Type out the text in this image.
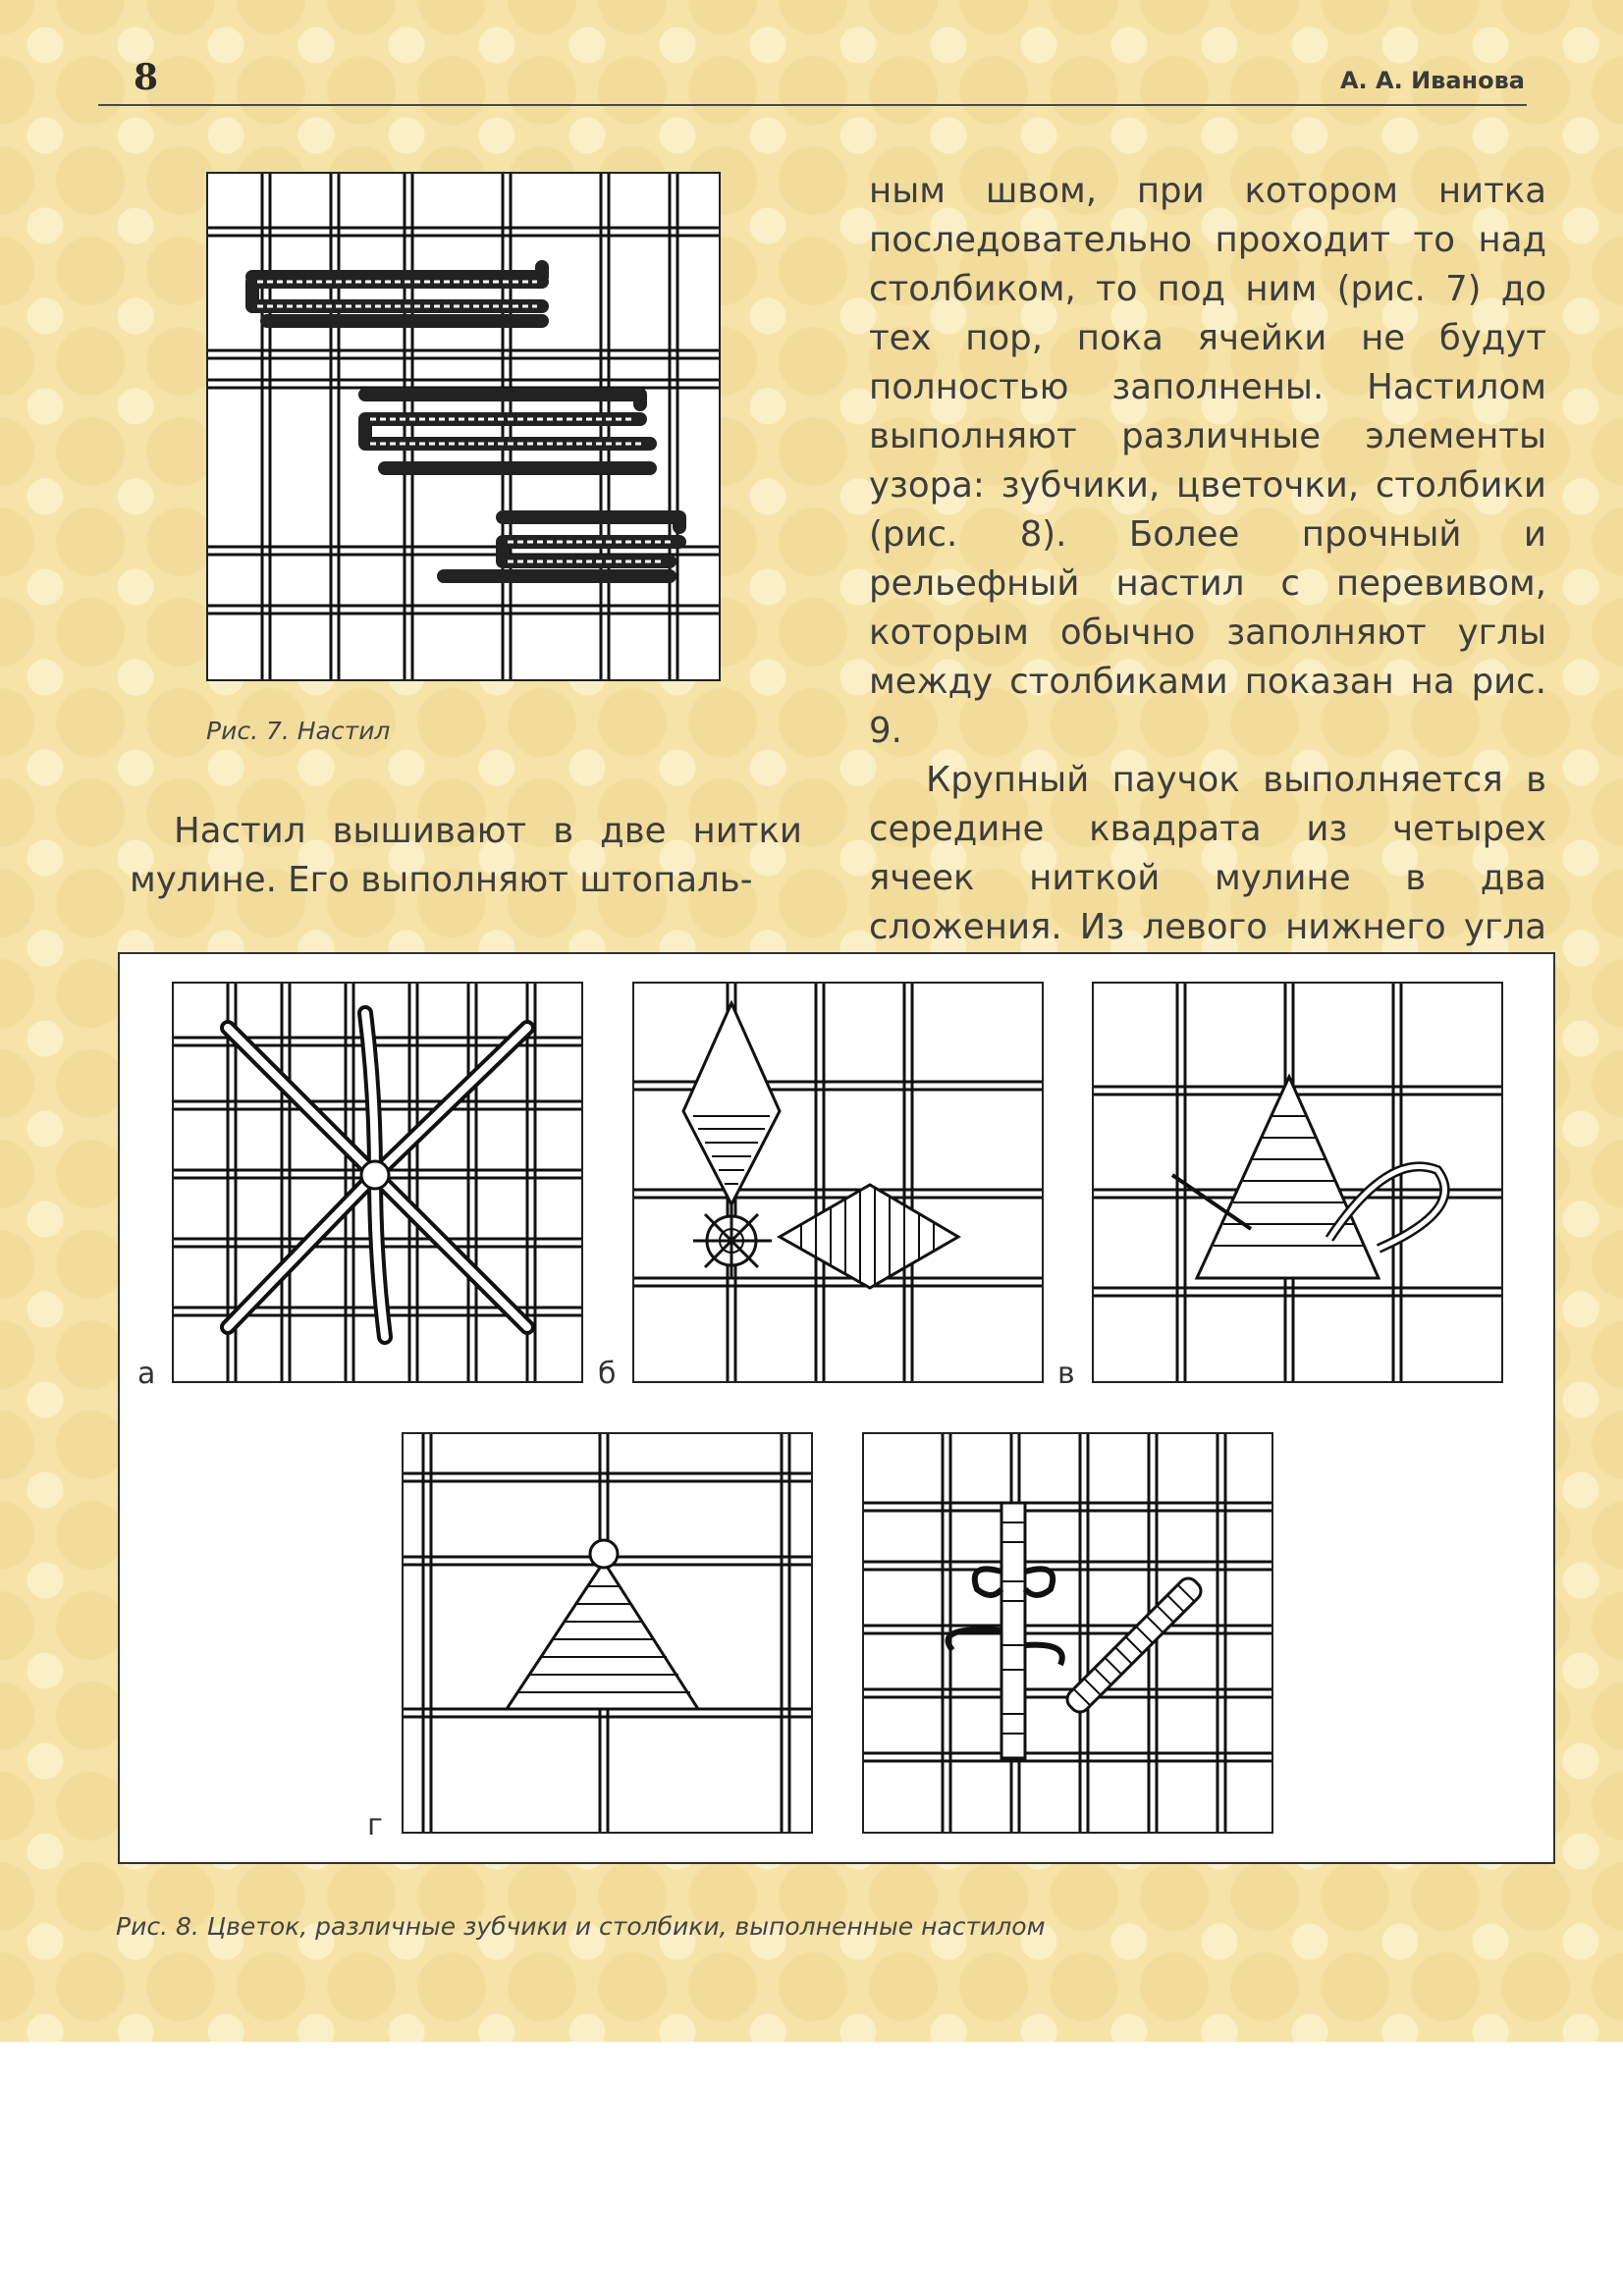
8	А. А. Иванова
Рис. 7. Настил

ным швом, при котором нитка последовательно проходит то над столбиком, то под ним (рис. 7) до тех пор, пока ячейки не будут полностью заполнены. Настилом выполняют различные элементы узора: зубчики, цветочки, столбики (рис. 8). Более прочный и рельефный настил с перевивом, которым обычно заполняют углы между столбиками показан на рис. 9.

Крупный паучок выполняется в середине квадрата из четырех ячеек ниткой мулине в два сложения. Из левого нижнего угла

Настил вышивают в две нитки мулине. Его выполняют штопаль-

а	б	в
г
Рис. 8. Цветок, различные зубчики и столбики, выполненные настилом
